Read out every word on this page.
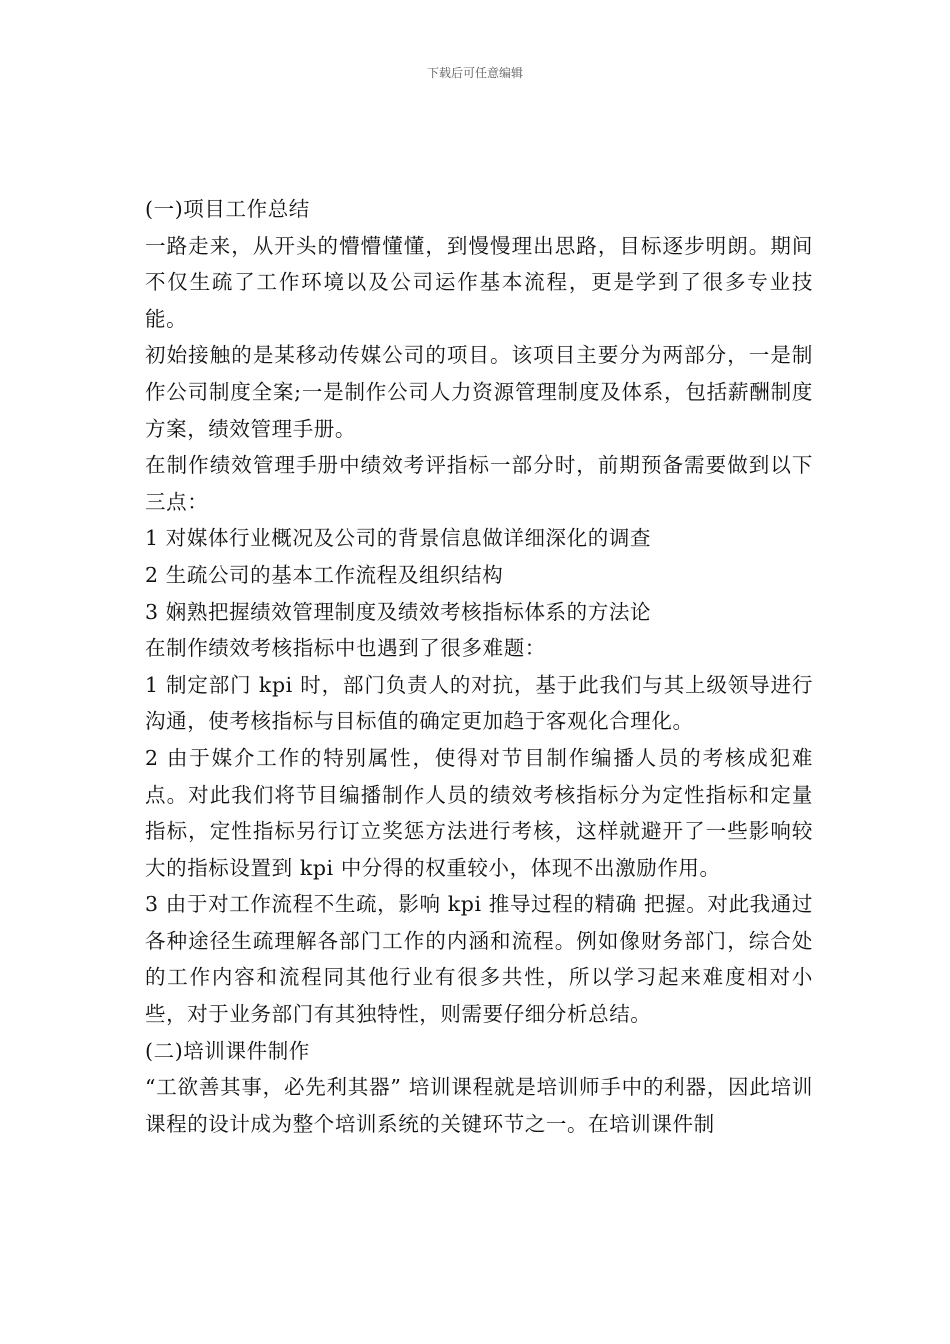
下载后可任意编辑

(一)项目工作总结

一路走来，从开头的懵懵懂懂，到慢慢理出思路，目标逐步明朗。期间不仅生疏了工作环境以及公司运作基本流程，更是学到了很多专业技能。

初始接触的是某移动传媒公司的项目。该项目主要分为两部分，一是制作公司制度全案;一是制作公司人力资源管理制度及体系，包括薪酬制度方案，绩效管理手册。

在制作绩效管理手册中绩效考评指标一部分时，前期预备需要做到以下三点：

1 对媒体行业概况及公司的背景信息做详细深化的调查

2 生疏公司的基本工作流程及组织结构

3 娴熟把握绩效管理制度及绩效考核指标体系的方法论

在制作绩效考核指标中也遇到了很多难题：

1 制定部门 kpi 时，部门负责人的对抗，基于此我们与其上级领导进行沟通，使考核指标与目标值的确定更加趋于客观化合理化。

2 由于媒介工作的特别属性，使得对节目制作编播人员的考核成犯难点。对此我们将节目编播制作人员的绩效考核指标分为定性指标和定量指标，定性指标另行订立奖惩方法进行考核，这样就避开了一些影响较大的指标设置到 kpi 中分得的权重较小，体现不出激励作用。

3 由于对工作流程不生疏，影响 kpi 推导过程的精确 把握。对此我通过各种途径生疏理解各部门工作的内涵和流程。例如像财务部门，综合处的工作内容和流程同其他行业有很多共性，所以学习起来难度相对小些，对于业务部门有其独特性，则需要仔细分析总结。

(二)培训课件制作

“工欲善其事，必先利其器” 培训课程就是培训师手中的利器，因此培训课程的设计成为整个培训系统的关键环节之一。在培训课件制
